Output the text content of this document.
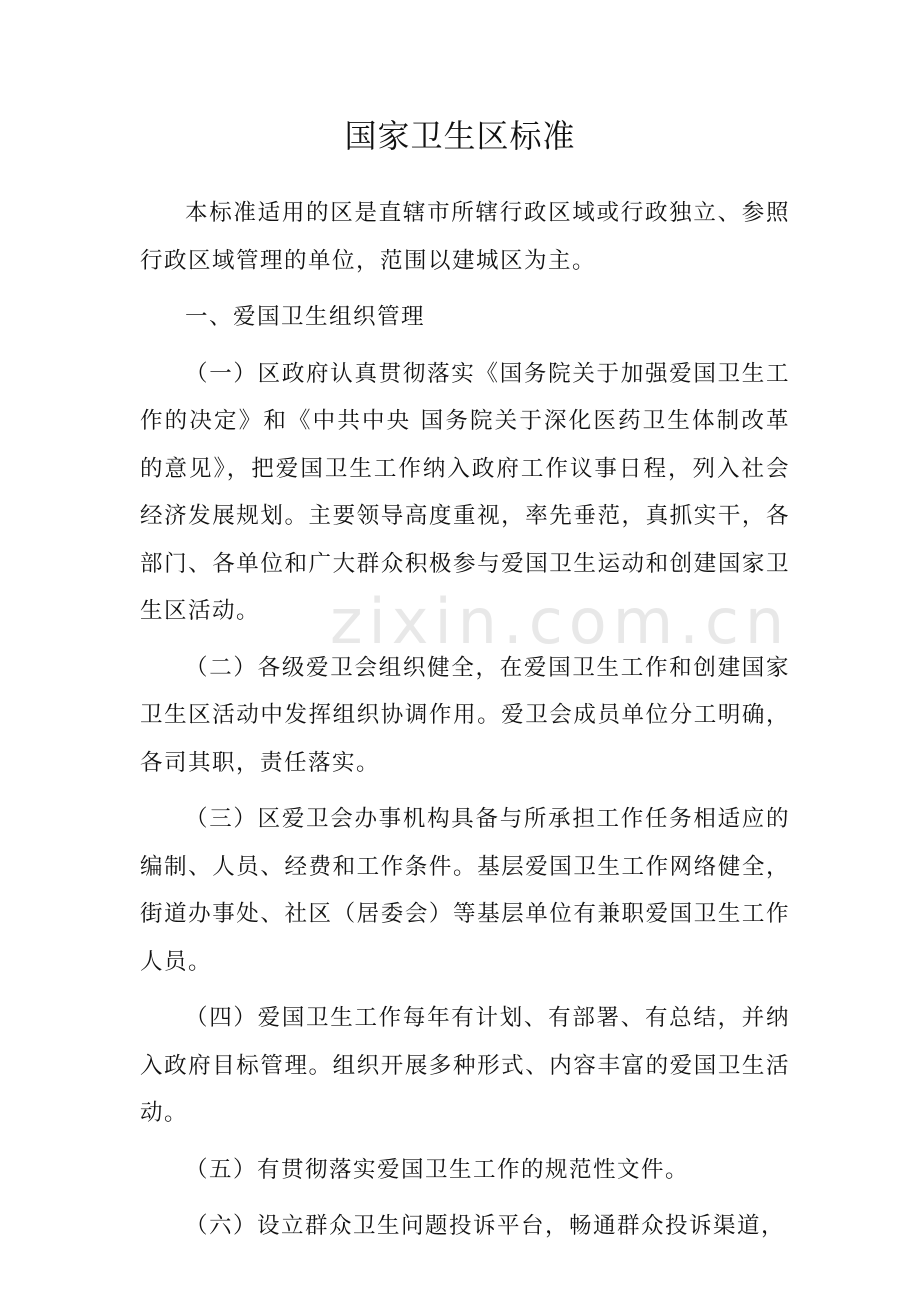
国家卫生区标准

本标准适用的区是直辖市所辖行政区域或行政独立、参照行政区域管理的单位，范围以建城区为主。

一、爱国卫生组织管理

（一）区政府认真贯彻落实《国务院关于加强爱国卫生工作的决定》和《中共中央 国务院关于深化医药卫生体制改革的意见》，把爱国卫生工作纳入政府工作议事日程，列入社会经济发展规划。主要领导高度重视，率先垂范，真抓实干，各部门、各单位和广大群众积极参与爱国卫生运动和创建国家卫生区活动。

（二）各级爱卫会组织健全，在爱国卫生工作和创建国家卫生区活动中发挥组织协调作用。爱卫会成员单位分工明确，各司其职，责任落实。

（三）区爱卫会办事机构具备与所承担工作任务相适应的编制、人员、经费和工作条件。基层爱国卫生工作网络健全，街道办事处、社区（居委会）等基层单位有兼职爱国卫生工作人员。

（四）爱国卫生工作每年有计划、有部署、有总结，并纳入政府目标管理。组织开展多种形式、内容丰富的爱国卫生活动。

（五）有贯彻落实爱国卫生工作的规范性文件。

（六）设立群众卫生问题投诉平台，畅通群众投诉渠道，

zixin.com.cn
